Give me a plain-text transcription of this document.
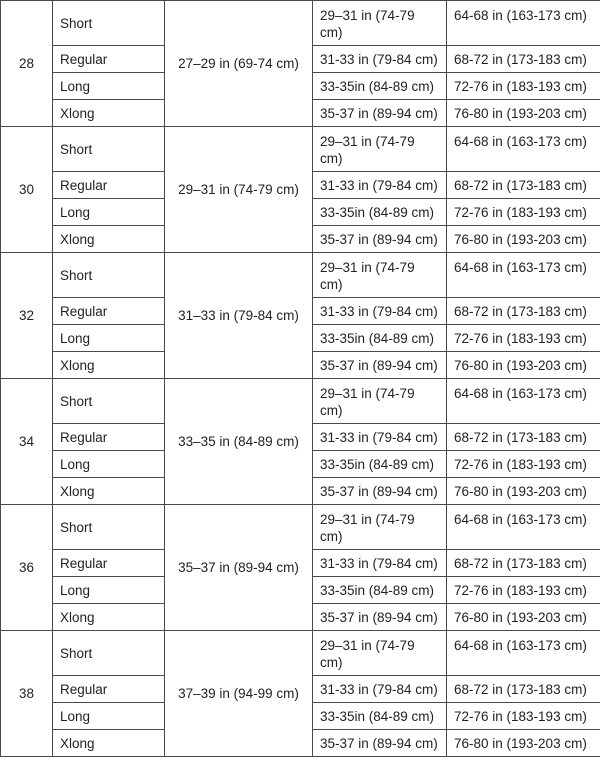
28	Short	27–29 in (69-74 cm)	29–31 in (74-79 cm)	64-68 in (163-173 cm)
	Regular		31-33 in (79-84 cm)	68-72 in (173-183 cm)
	Long		33-35in (84-89 cm)	72-76 in (183-193 cm)
	Xlong		35-37 in (89-94 cm)	76-80 in (193-203 cm)
30	Short	29–31 in (74-79 cm)	29–31 in (74-79 cm)	64-68 in (163-173 cm)
	Regular		31-33 in (79-84 cm)	68-72 in (173-183 cm)
	Long		33-35in (84-89 cm)	72-76 in (183-193 cm)
	Xlong		35-37 in (89-94 cm)	76-80 in (193-203 cm)
32	Short	31–33 in (79-84 cm)	29–31 in (74-79 cm)	64-68 in (163-173 cm)
	Regular		31-33 in (79-84 cm)	68-72 in (173-183 cm)
	Long		33-35in (84-89 cm)	72-76 in (183-193 cm)
	Xlong		35-37 in (89-94 cm)	76-80 in (193-203 cm)
34	Short	33–35 in (84-89 cm)	29–31 in (74-79 cm)	64-68 in (163-173 cm)
	Regular		31-33 in (79-84 cm)	68-72 in (173-183 cm)
	Long		33-35in (84-89 cm)	72-76 in (183-193 cm)
	Xlong		35-37 in (89-94 cm)	76-80 in (193-203 cm)
36	Short	35–37 in (89-94 cm)	29–31 in (74-79 cm)	64-68 in (163-173 cm)
	Regular		31-33 in (79-84 cm)	68-72 in (173-183 cm)
	Long		33-35in (84-89 cm)	72-76 in (183-193 cm)
	Xlong		35-37 in (89-94 cm)	76-80 in (193-203 cm)
38	Short	37–39 in (94-99 cm)	29–31 in (74-79 cm)	64-68 in (163-173 cm)
	Regular		31-33 in (79-84 cm)	68-72 in (173-183 cm)
	Long		33-35in (84-89 cm)	72-76 in (183-193 cm)
	Xlong		35-37 in (89-94 cm)	76-80 in (193-203 cm)
